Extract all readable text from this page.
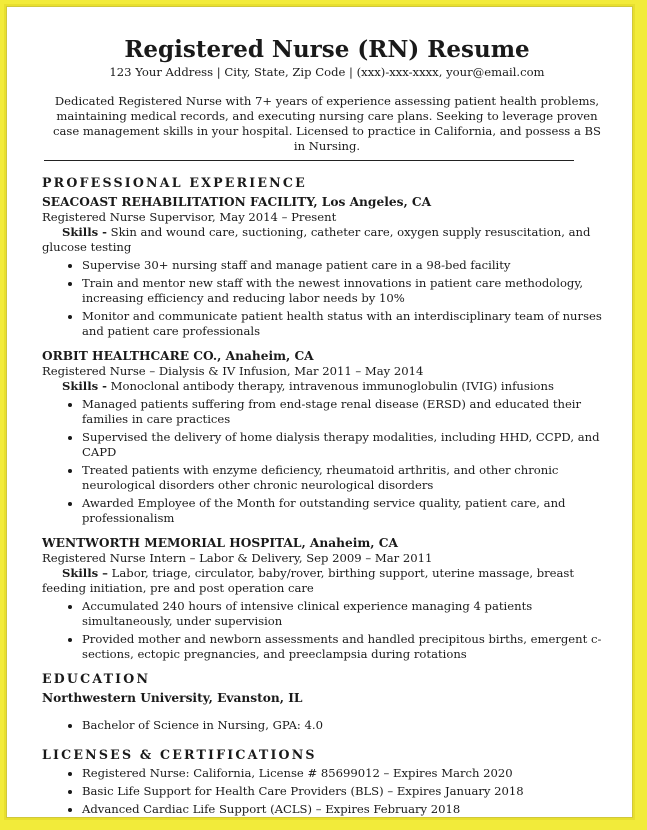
Registered Nurse (RN) Resume
123 Your Address | City, State, Zip Code | (xxx)-xxx-xxxx, your@email.com
Dedicated Registered Nurse with 7+ years of experience assessing patient health problems, maintaining medical records, and executing nursing care plans. Seeking to leverage proven case management skills in your hospital. Licensed to practice in California, and possess a BS in Nursing.
PROFESSIONAL EXPERIENCE
SEACOAST REHABILITATION FACILITY, Los Angeles, CA
Registered Nurse Supervisor, May 2014 – Present
Skills - Skin and wound care, suctioning, catheter care, oxygen supply resuscitation, and glucose testing
• Supervise 30+ nursing staff and manage patient care in a 98-bed facility
• Train and mentor new staff with the newest innovations in patient care methodology, increasing efficiency and reducing labor needs by 10%
• Monitor and communicate patient health status with an interdisciplinary team of nurses and patient care professionals
ORBIT HEALTHCARE CO., Anaheim, CA
Registered Nurse – Dialysis & IV Infusion, Mar 2011 – May 2014
Skills - Monoclonal antibody therapy, intravenous immunoglobulin (IVIG) infusions
• Managed patients suffering from end-stage renal disease (ERSD) and educated their families in care practices
• Supervised the delivery of home dialysis therapy modalities, including HHD, CCPD, and CAPD
• Treated patients with enzyme deficiency, rheumatoid arthritis, and other chronic neurological disorders other chronic neurological disorders
• Awarded Employee of the Month for outstanding service quality, patient care, and professionalism
WENTWORTH MEMORIAL HOSPITAL, Anaheim, CA
Registered Nurse Intern – Labor & Delivery, Sep 2009 – Mar 2011
Skills – Labor, triage, circulator, baby/rover, birthing support, uterine massage, breast feeding initiation, pre and post operation care
• Accumulated 240 hours of intensive clinical experience managing 4 patients simultaneously, under supervision
• Provided mother and newborn assessments and handled precipitous births, emergent c-sections, ectopic pregnancies, and preeclampsia during rotations
EDUCATION
Northwestern University, Evanston, IL
• Bachelor of Science in Nursing, GPA: 4.0
LICENSES & CERTIFICATIONS
• Registered Nurse: California, License # 85699012 – Expires March 2020
• Basic Life Support for Health Care Providers (BLS) – Expires January 2018
• Advanced Cardiac Life Support (ACLS) – Expires February 2018
